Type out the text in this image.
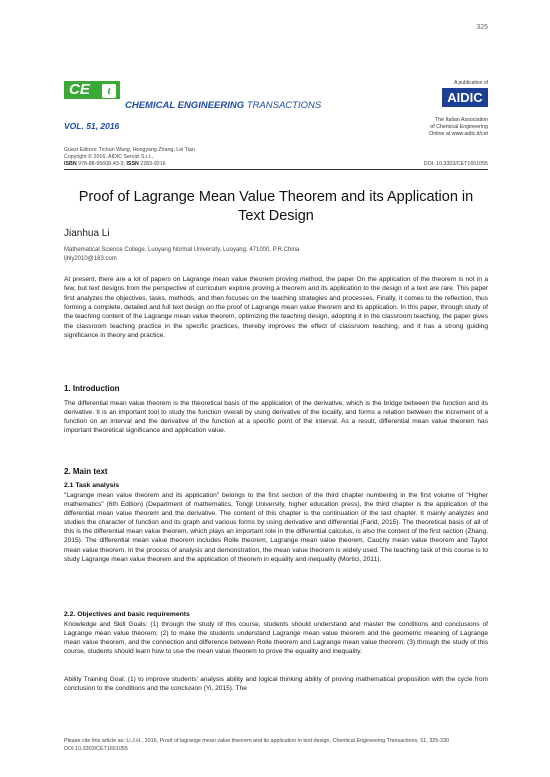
325
A publication of
CE	t
CHEMICAL ENGINEERING TRANSACTIONS
AIDIC
VOL. 51, 2016
The Italian Association
of Chemical Engineering
Online at www.aidic.it/cet
Guest Editors: Tichun Wang, Hongyang Zhang, Lei Tian
Copyright © 2016, AIDIC Servizi S.r.l.,
ISBN 978-88-95608-43-3; ISSN 2283-9216	DOI: 10.3303/CET1651055
Proof of Lagrange Mean Value Theorem and its Application in Text Design
Jianhua Li
Mathematical Science College, Luoyang Normal University, Luoyang, 471000, P.R.China
ljhly2010@163.com
At present, there are a lot of papers on Lagrange mean value theorem proving method, the paper On the application of the theorem is not in a few, but text designs from the perspective of curriculum explore proving a theorem and its application to the design of a text are rare. This paper first analyzes the objectives, tasks, methods, and then focuses on the teaching strategies and processes, Finally, it comes to the reflection, thus forming a complete, detailed and full text design on the proof of Lagrange mean value theorem and its application. In this paper, through study of the teaching content of the Lagrange mean value theorem, optimizing the teaching design, adopting it in the classroom teaching, the paper gives the classroom teaching practice in the specific practices, thereby improves the effect of classroom teaching, and it has a strong guiding significance in theory and practice.
1. Introduction
The differential mean value theorem is the theoretical basis of the application of the derivative, which is the bridge between the function and its derivative. It is an important tool to study the function overall by using derivative of the locality, and forms a relation between the increment of a function on an interval and the derivative of the function at a specific point of the interval. As a result, differential mean value theorem has important theoretical significance and application value.
2. Main text
2.1 Task analysis
"Lagrange mean value theorem and its application" belongs to the first section of the third chapter numbering in the first volume of "Higher mathematics" (6th Edition) (Department of mathematics, Tongji University, higher education press), the third chapter is the application of the differential mean value theorem and the derivative. The content of this chapter is the continuation of the last chapter. It mainly analyzes and studies the character of function and its graph and various forms by using derivative and differential (Farid, 2015). The theoretical basis of all of this is the differential mean value theorem, which plays an important role in the differential calculus, is also the content of the first section (Zhang, 2015). The differential mean value theorem includes Rolle theorem, Lagrange mean value theorem, Cauchy mean value theorem and Taylor mean value theorem. In the process of analysis and demonstration, the mean value theorem is widely used. The teaching task of this course is to study Lagrange mean value theorem and the application of theorem in equality and inequality (Mortici, 2011).
2.2. Objectives and basic requirements
Knowledge and Skill Goals: (1) through the study of this course, students should understand and master the conditions and conclusions of Lagrange mean value theorem; (2) to make the students understand Lagrange mean value theorem and the geometric meaning of Lagrange mean value theorem, and the connection and difference between Rolle theorem and Lagrange mean value theorem; (3) through the study of this course, students should learn how to use the mean value theorem to prove the equality and inequality.
Ability Training Goal: (1) to improve students' analysis ability and logical thinking ability of proving mathematical proposition with the cycle from conclusion to the conditions and the conclusion (Yi, 2015). The
Please cite this article as: Li J.H., 2016, Proof of lagrange mean value theorem and its application in text design, Chemical Engineering Transactions, 51, 325-330 DOI:10.3303/CET1651055
